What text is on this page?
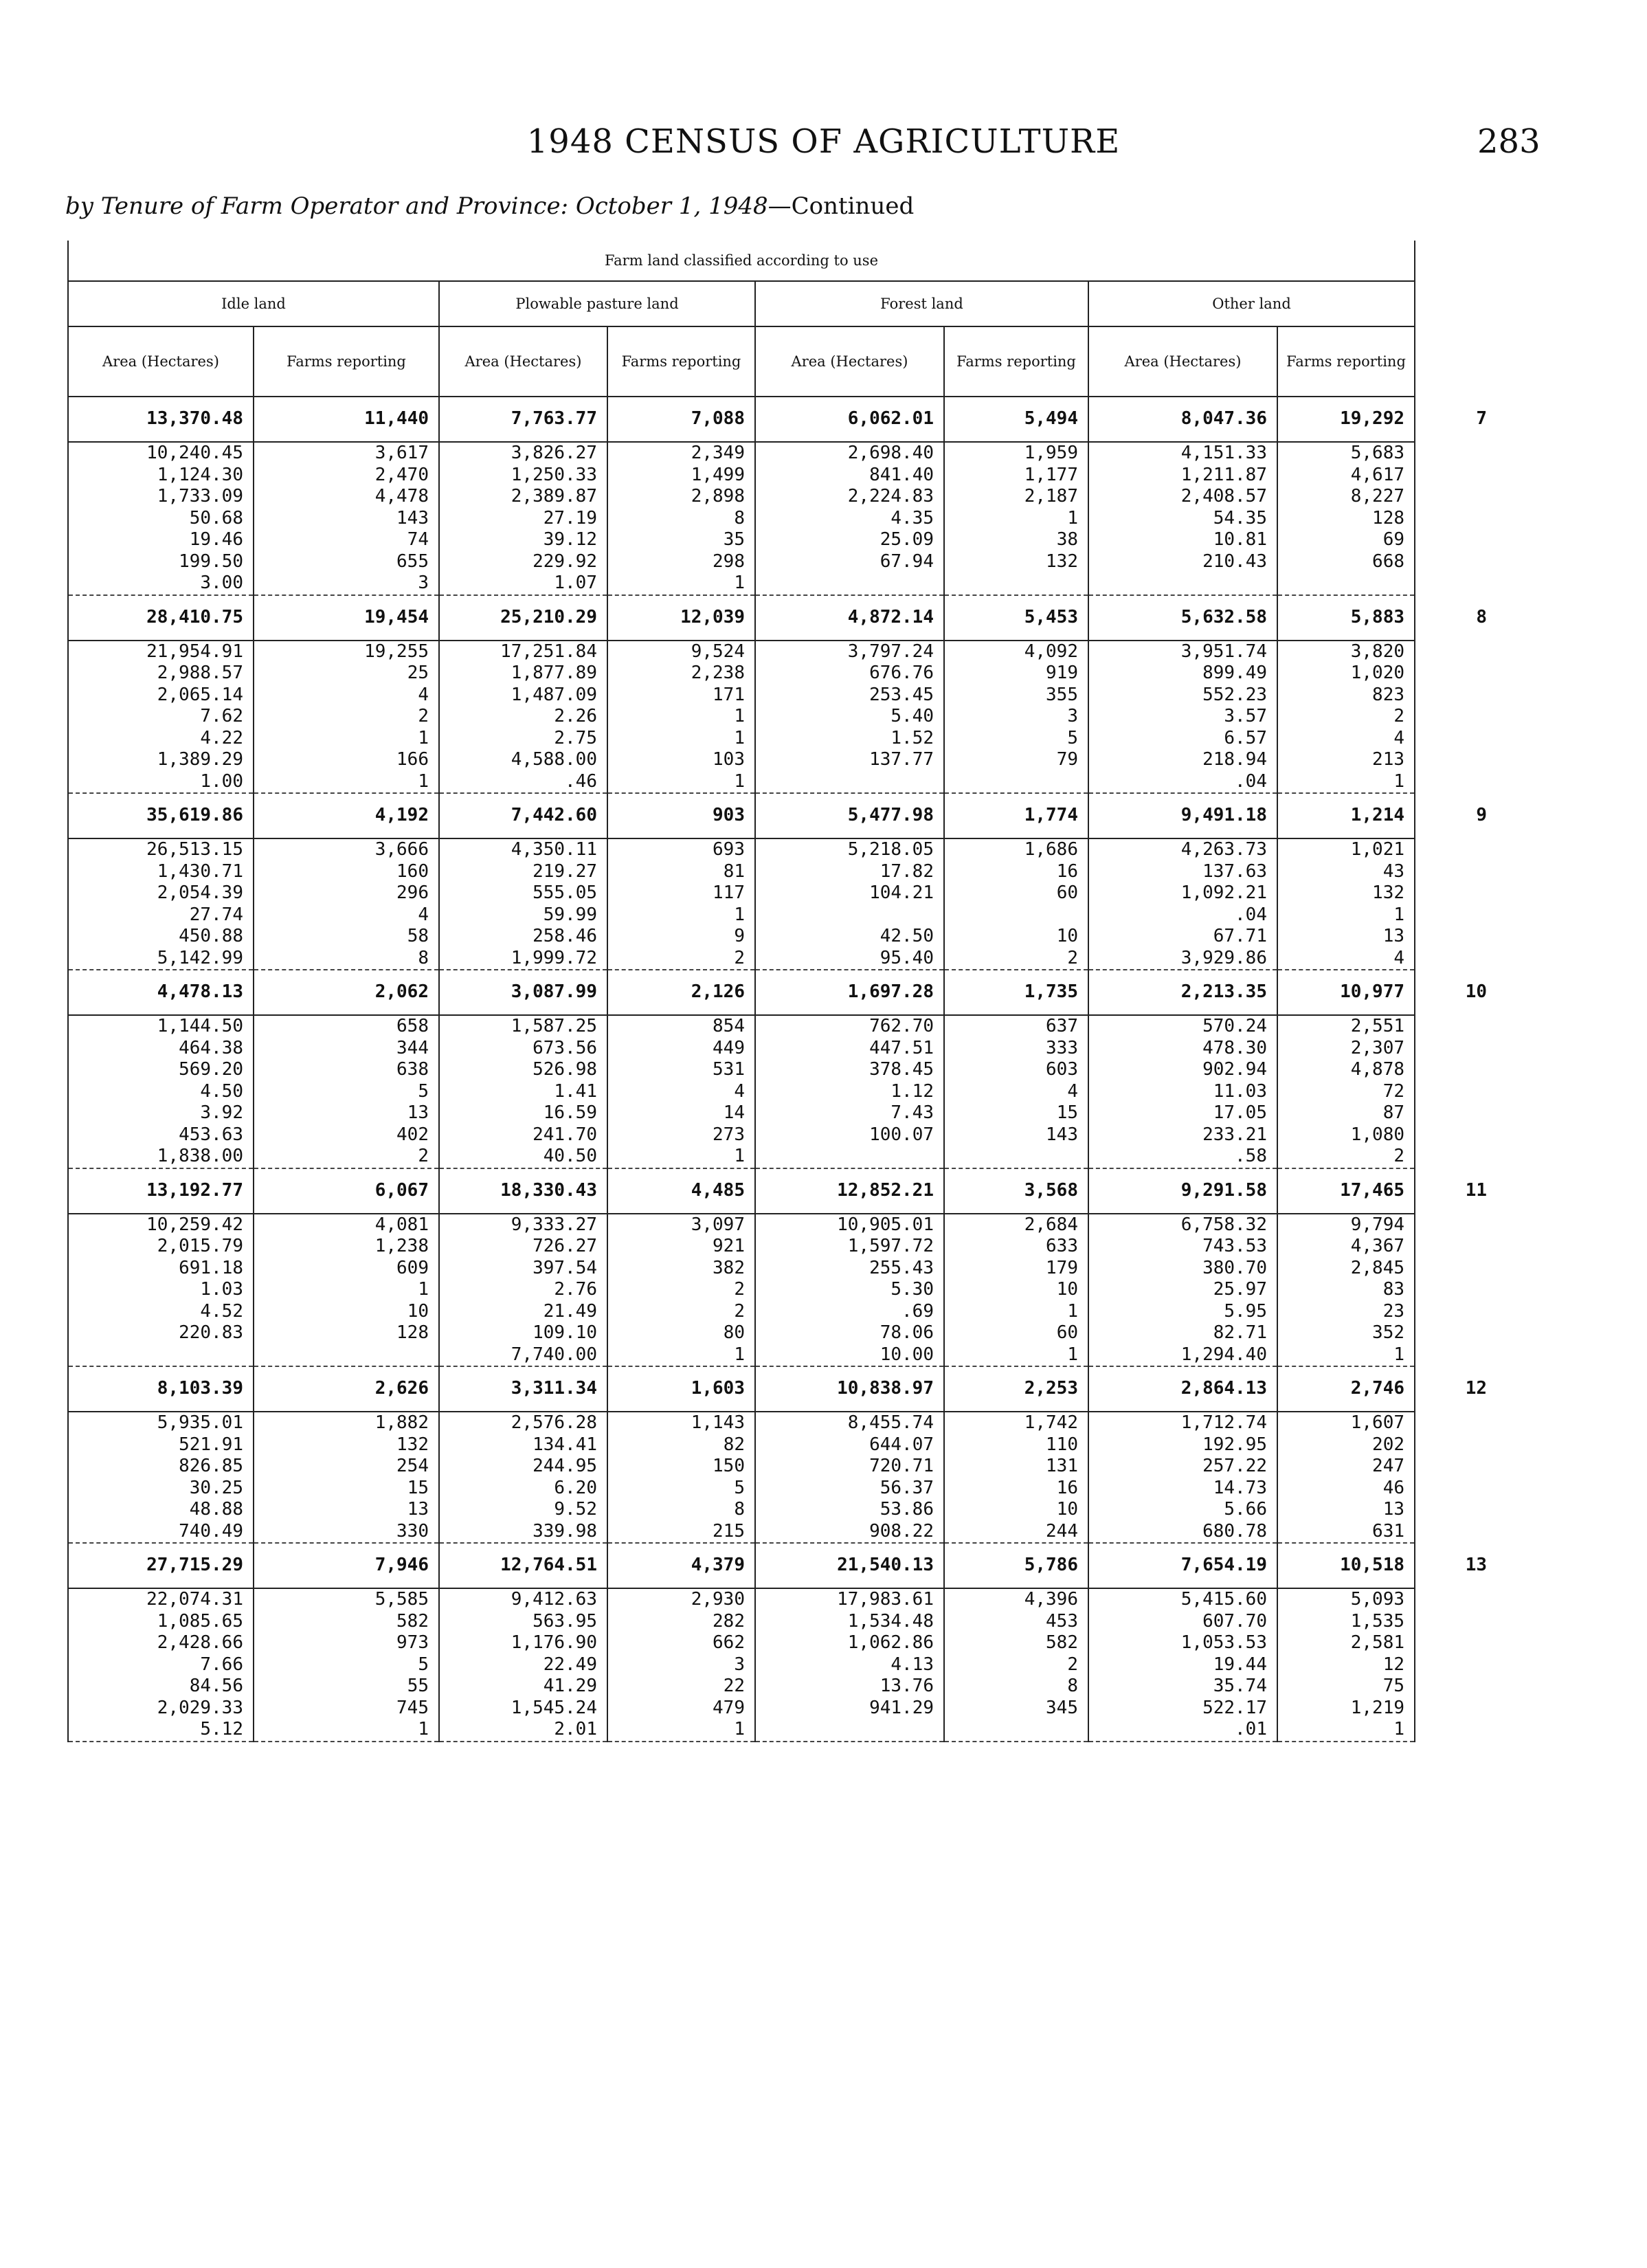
1948 CENSUS OF AGRICULTURE	283
by Tenure of Farm Operator and Province: October 1, 1948—Continued
Farm land classified according to use								
Idle land		Plowable pasture land		Forest land		Other land		
Area (Hectares)	Farms reporting	Area (Hectares)	Farms reporting	Area (Hectares)	Farms reporting	Area (Hectares)	Farms reporting	
13,370.48	11,440	7,763.77	7,088	6,062.01	5,494	8,047.36	19,292	7
10,240.45	3,617	3,826.27	2,349	2,698.40	1,959	4,151.33	5,683	
1,124.30	2,470	1,250.33	1,499	841.40	1,177	1,211.87	4,617	
1,733.09	4,478	2,389.87	2,898	2,224.83	2,187	2,408.57	8,227	
50.68	143	27.19	8	4.35	1	54.35	128	
19.46	74	39.12	35	25.09	38	10.81	69	
199.50	655	229.92	298	67.94	132	210.43	668	
3.00	3	1.07	1					
28,410.75	19,454	25,210.29	12,039	4,872.14	5,453	5,632.58	5,883	8
21,954.91	19,255	17,251.84	9,524	3,797.24	4,092	3,951.74	3,820	
2,988.57	25	1,877.89	2,238	676.76	919	899.49	1,020	
2,065.14	4	1,487.09	171	253.45	355	552.23	823	
7.62	2	2.26	1	5.40	3	3.57	2	
4.22	1	2.75	1	1.52	5	6.57	4	
1,389.29	166	4,588.00	103	137.77	79	218.94	213	
1.00	1	.46	1			.04	1	
35,619.86	4,192	7,442.60	903	5,477.98	1,774	9,491.18	1,214	9
26,513.15	3,666	4,350.11	693	5,218.05	1,686	4,263.73	1,021	
1,430.71	160	219.27	81	17.82	16	137.63	43	
2,054.39	296	555.05	117	104.21	60	1,092.21	132	
27.74	4	59.99	1			.04	1	
450.88	58	258.46	9	42.50	10	67.71	13	
5,142.99	8	1,999.72	2	95.40	2	3,929.86	4	
4,478.13	2,062	3,087.99	2,126	1,697.28	1,735	2,213.35	10,977	10
1,144.50	658	1,587.25	854	762.70	637	570.24	2,551	
464.38	344	673.56	449	447.51	333	478.30	2,307	
569.20	638	526.98	531	378.45	603	902.94	4,878	
4.50	5	1.41	4	1.12	4	11.03	72	
3.92	13	16.59	14	7.43	15	17.05	87	
453.63	402	241.70	273	100.07	143	233.21	1,080	
1,838.00	2	40.50	1			.58	2	
13,192.77	6,067	18,330.43	4,485	12,852.21	3,568	9,291.58	17,465	11
10,259.42	4,081	9,333.27	3,097	10,905.01	2,684	6,758.32	9,794	
2,015.79	1,238	726.27	921	1,597.72	633	743.53	4,367	
691.18	609	397.54	382	255.43	179	380.70	2,845	
1.03	1	2.76	2	5.30	10	25.97	83	
4.52	10	21.49	2	.69	1	5.95	23	
220.83	128	109.10	80	78.06	60	82.71	352	
		7,740.00	1	10.00	1	1,294.40	1	
8,103.39	2,626	3,311.34	1,603	10,838.97	2,253	2,864.13	2,746	12
5,935.01	1,882	2,576.28	1,143	8,455.74	1,742	1,712.74	1,607	
521.91	132	134.41	82	644.07	110	192.95	202	
826.85	254	244.95	150	720.71	131	257.22	247	
30.25	15	6.20	5	56.37	16	14.73	46	
48.88	13	9.52	8	53.86	10	5.66	13	
740.49	330	339.98	215	908.22	244	680.78	631	
27,715.29	7,946	12,764.51	4,379	21,540.13	5,786	7,654.19	10,518	13
22,074.31	5,585	9,412.63	2,930	17,983.61	4,396	5,415.60	5,093	
1,085.65	582	563.95	282	1,534.48	453	607.70	1,535	
2,428.66	973	1,176.90	662	1,062.86	582	1,053.53	2,581	
7.66	5	22.49	3	4.13	2	19.44	12	
84.56	55	41.29	22	13.76	8	35.74	75	
2,029.33	745	1,545.24	479	941.29	345	522.17	1,219	
5.12	1	2.01	1			.01	1	
